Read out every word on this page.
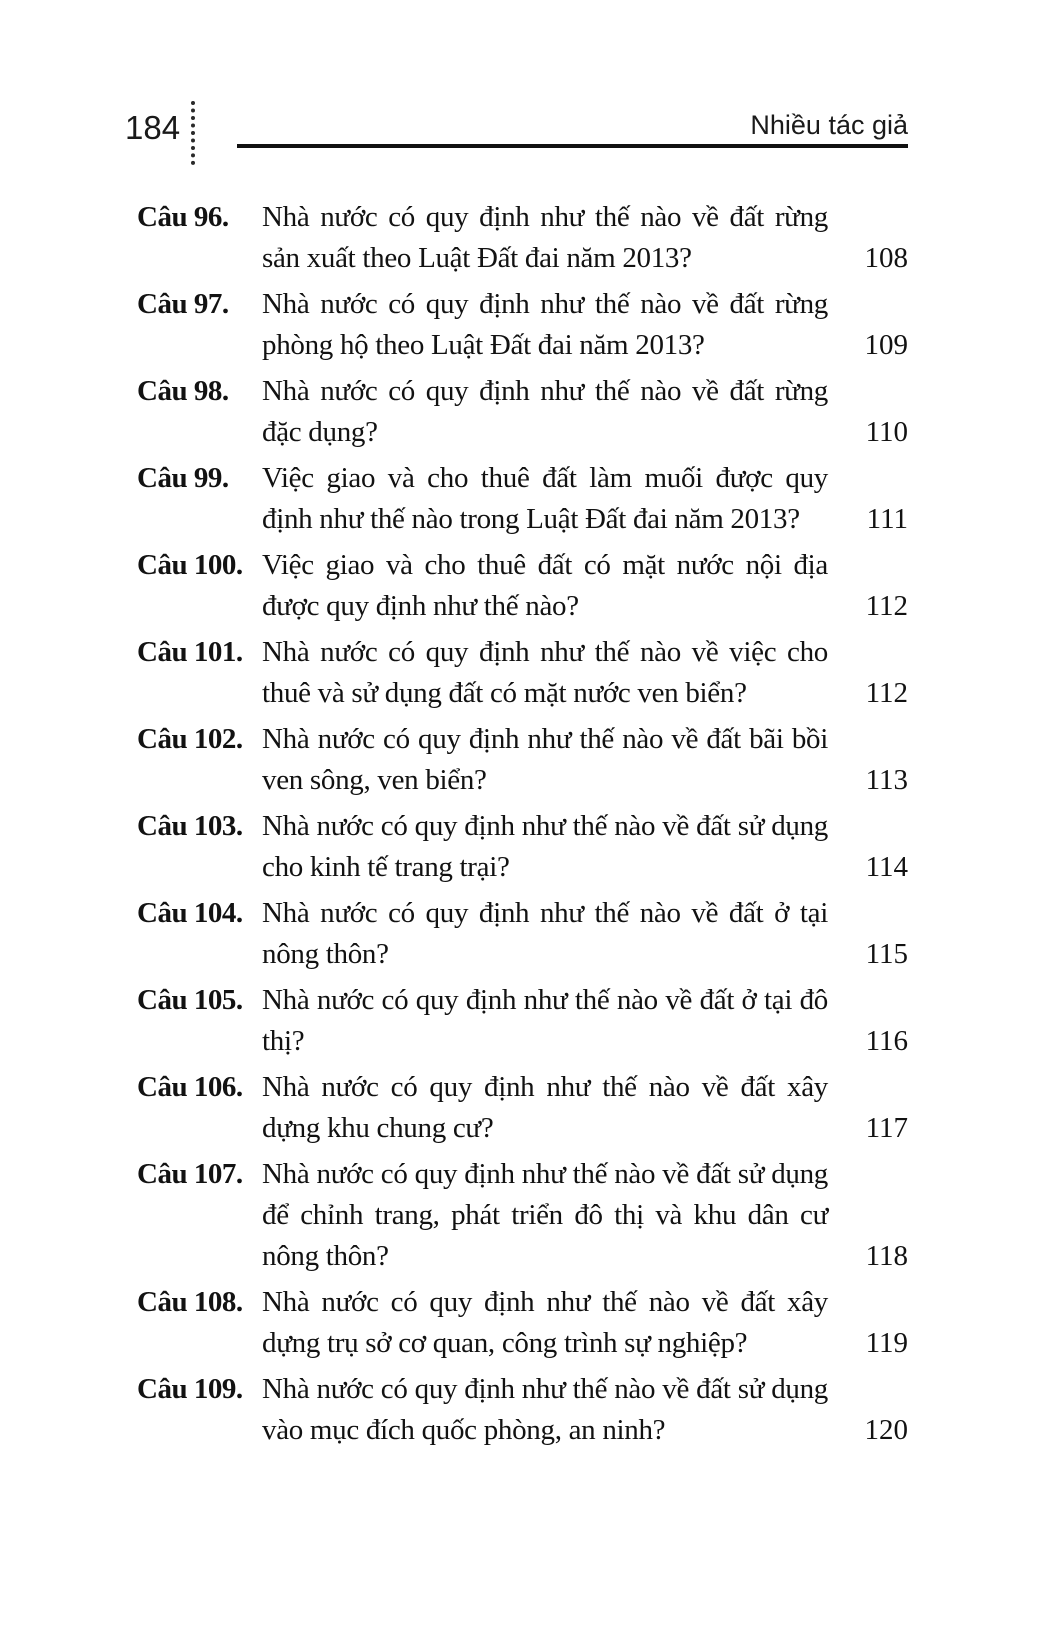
184	Nhiều tác giả
Câu 96.	Nhà nước có quy định như thế nào về đất rừng sản xuất theo Luật Đất đai năm 2013?	108
Câu 97.	Nhà nước có quy định như thế nào về đất rừng phòng hộ theo Luật Đất đai năm 2013?	109
Câu 98.	Nhà nước có quy định như thế nào về đất rừng đặc dụng?	110
Câu 99.	Việc giao và cho thuê đất làm muối được quy định như thế nào trong Luật Đất đai năm 2013?	111
Câu 100. Việc giao và cho thuê đất có mặt nước nội địa được quy định như thế nào?	112
Câu 101. Nhà nước có quy định như thế nào về việc cho thuê và sử dụng đất có mặt nước ven biển?	112
Câu 102. Nhà nước có quy định như thế nào về đất bãi bồi ven sông, ven biển?	113
Câu 103. Nhà nước có quy định như thế nào về đất sử dụng cho kinh tế trang trại?	114
Câu 104. Nhà nước có quy định như thế nào về đất ở tại nông thôn?	115
Câu 105. Nhà nước có quy định như thế nào về đất ở tại đô thị?	116
Câu 106. Nhà nước có quy định như thế nào về đất xây dựng khu chung cư?	117
Câu 107. Nhà nước có quy định như thế nào về đất sử dụng để chỉnh trang, phát triển đô thị và khu dân cư nông thôn?	118
Câu 108. Nhà nước có quy định như thế nào về đất xây dựng trụ sở cơ quan, công trình sự nghiệp?	119
Câu 109. Nhà nước có quy định như thế nào về đất sử dụng vào mục đích quốc phòng, an ninh?	120
